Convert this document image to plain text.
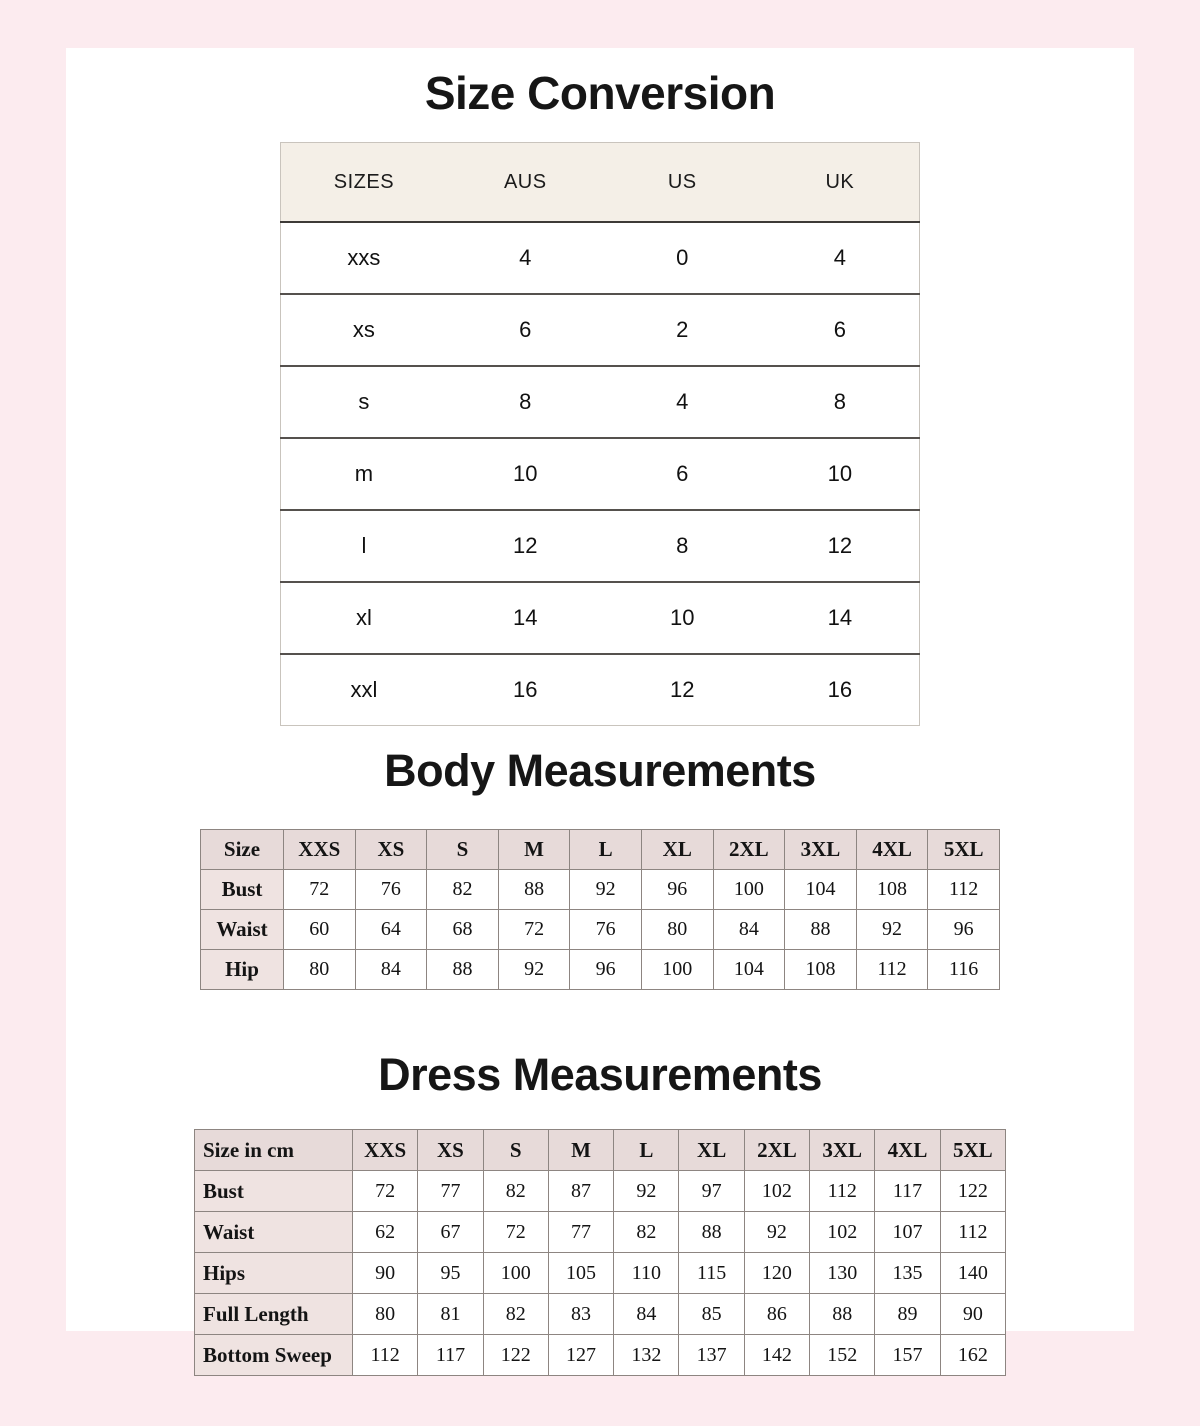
Size Conversion
SIZES	AUS	US	UK
xxs	4	0	4
xs	6	2	6
s	8	4	8
m	10	6	10
l	12	8	12
xl	14	10	14
xxl	16	12	16
Body Measurements
Size	XXS	XS	S	M	L	XL	2XL	3XL	4XL	5XL
Bust	72	76	82	88	92	96	100	104	108	112
Waist	60	64	68	72	76	80	84	88	92	96
Hip	80	84	88	92	96	100	104	108	112	116
Dress Measurements
Size in cm	XXS	XS	S	M	L	XL	2XL	3XL	4XL	5XL
Bust	72	77	82	87	92	97	102	112	117	122
Waist	62	67	72	77	82	88	92	102	107	112
Hips	90	95	100	105	110	115	120	130	135	140
Full Length	80	81	82	83	84	85	86	88	89	90
Bottom Sweep	112	117	122	127	132	137	142	152	157	162
